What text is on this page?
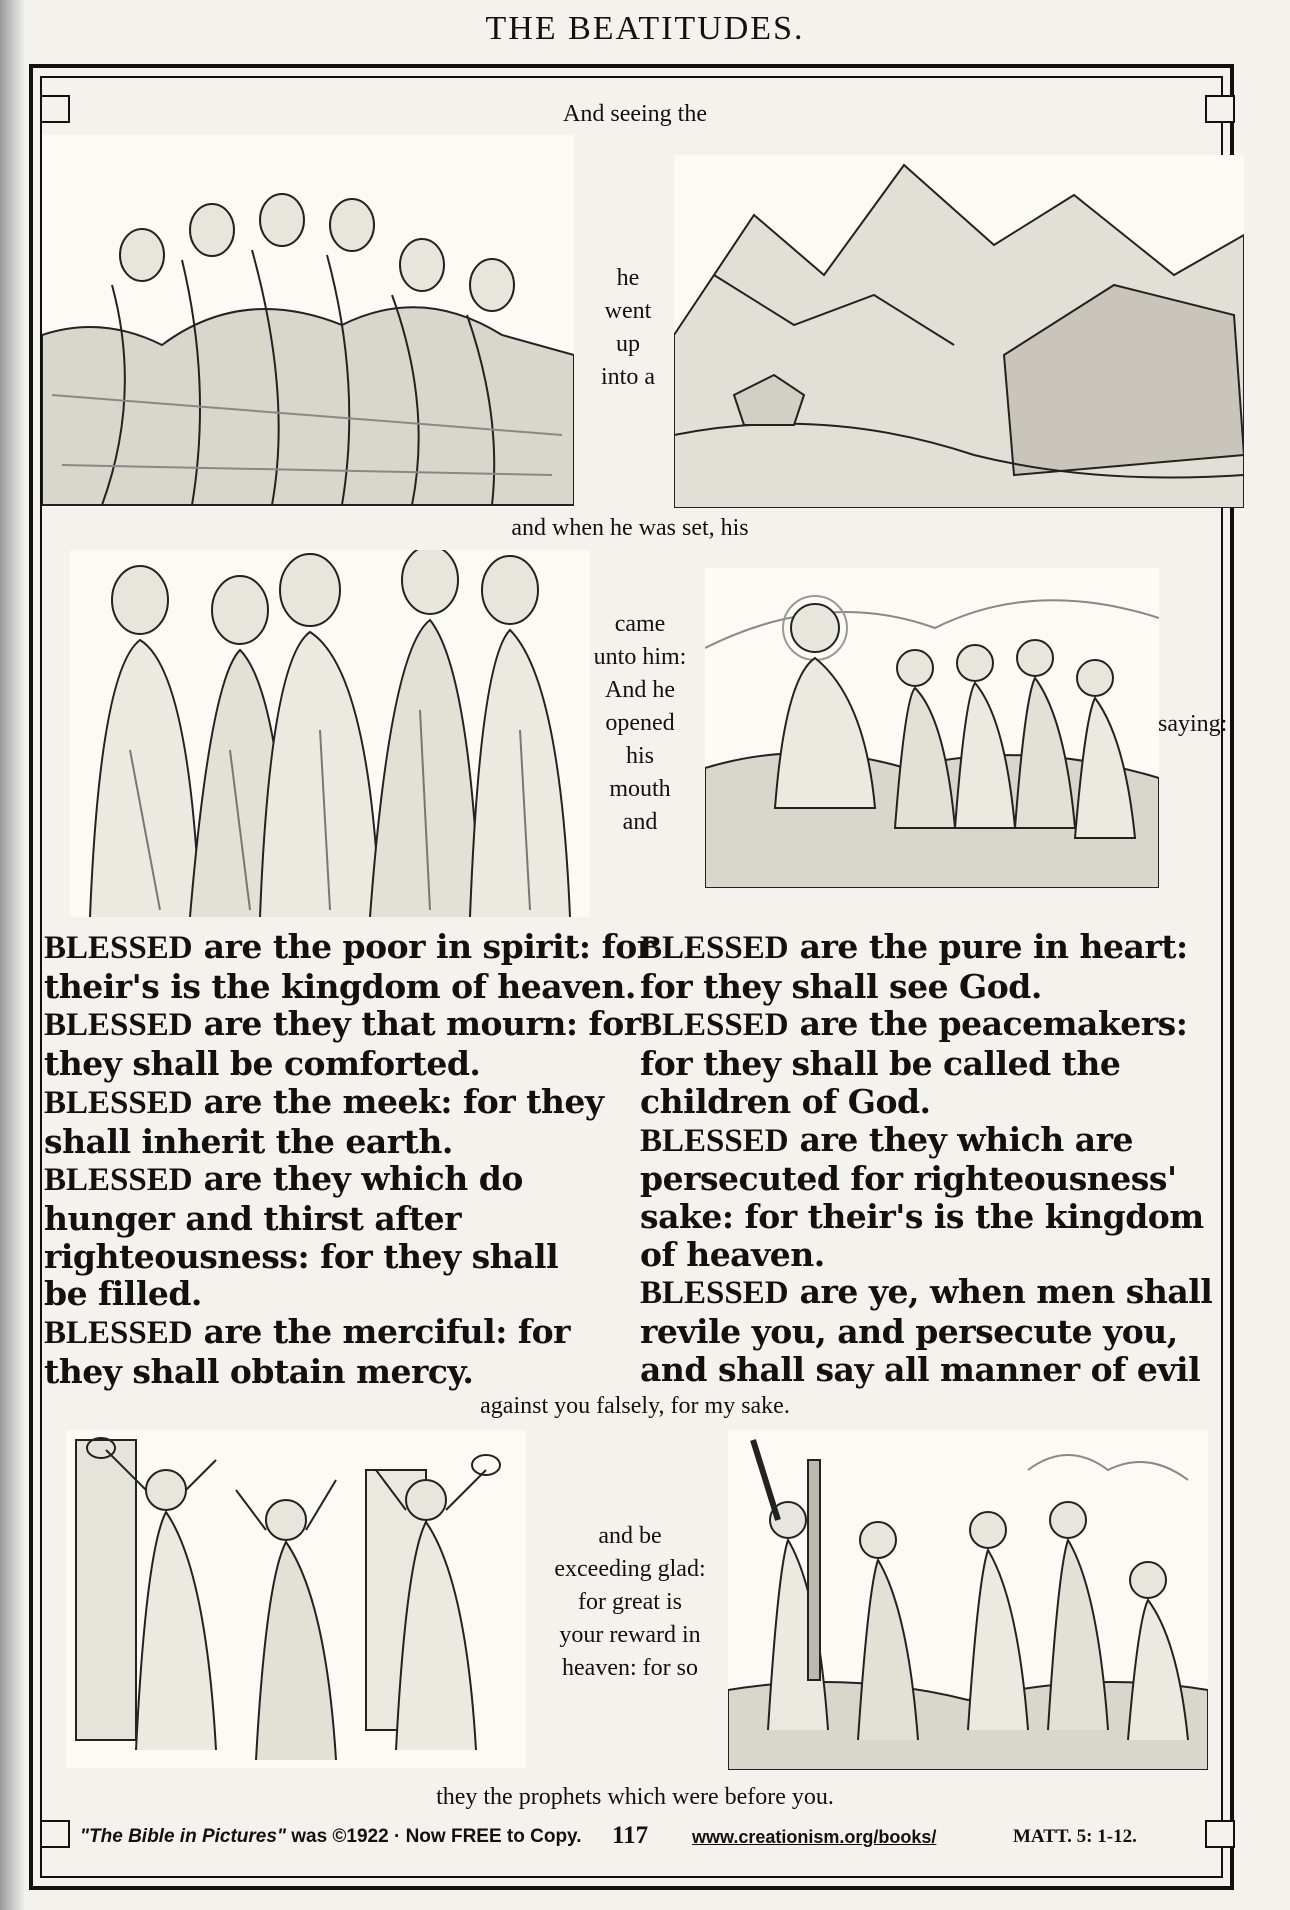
THE BEATITUDES.
And seeing the
he
went
up
into a
and when he was set, his
came
unto him:
And he
opened
his
mouth
and
saying:
BLESSED are the poor in spirit: for
their's is the kingdom of heaven.
BLESSED are they that mourn: for
they shall be comforted.
BLESSED are the meek: for they
shall inherit the earth.
BLESSED are they which do
hunger and thirst after
righteousness: for they shall
be filled.
BLESSED are the merciful: for
they shall obtain mercy.
BLESSED are the pure in heart:
for they shall see God.
BLESSED are the peacemakers:
for they shall be called the
children of God.
BLESSED are they which are
persecuted for righteousness'
sake: for their's is the kingdom
of heaven.
BLESSED are ye, when men shall
revile you, and persecute you,
and shall say all manner of evil
against you falsely, for my sake.
and be
exceeding glad:
for great is
your reward in
heaven: for so
they the prophets which were before you.
"The Bible in Pictures" was ©1922 · Now FREE to Copy. 117 www.creationism.org/books/	MATT. 5: 1-12.
